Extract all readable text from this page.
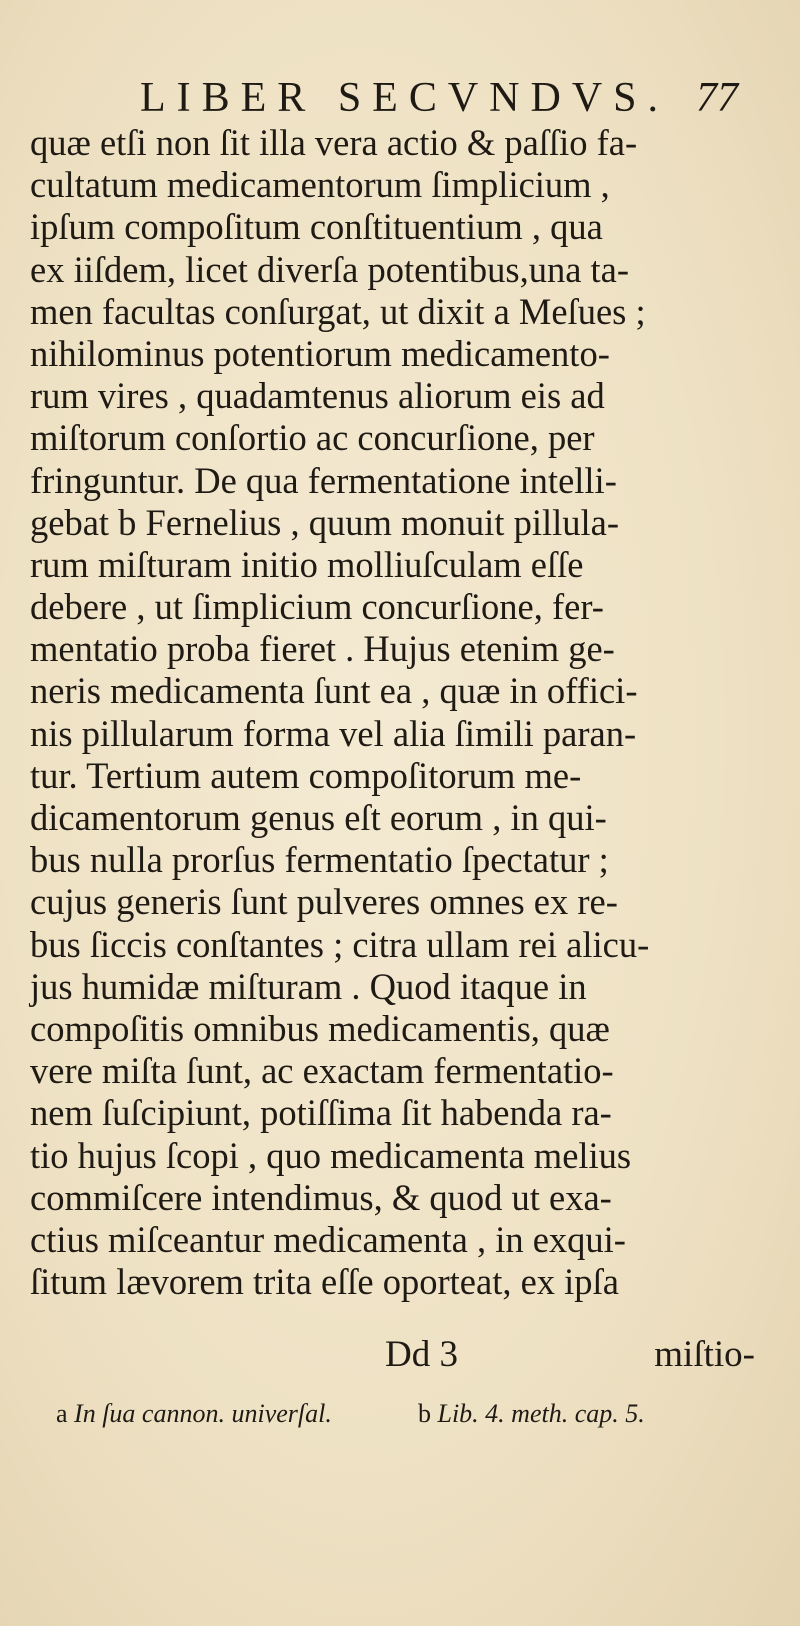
LIBER SECVNDVS. 77
quæ etſi non ſit illa vera actio & paſſio fa-
cultatum medicamentorum ſimplicium ,
ipſum compoſitum conſtituentium , qua
ex iiſdem, licet diverſa potentibus,una ta-
men facultas conſurgat, ut dixit a Meſues ;
nihilominus potentiorum medicamento-
rum vires , quadamtenus aliorum eis ad
miſtorum conſortio ac concurſione, per
fringuntur. De qua fermentatione intelli-
gebat b Fernelius , quum monuit pillula-
rum miſturam initio molliuſculam eſſe
debere , ut ſimplicium concurſione, fer-
mentatio proba fieret . Hujus etenim ge-
neris medicamenta ſunt ea , quæ in offici-
nis pillularum forma vel alia ſimili paran-
tur. Tertium autem compoſitorum me-
dicamentorum genus eſt eorum , in qui-
bus nulla prorſus fermentatio ſpectatur ;
cujus generis ſunt pulveres omnes ex re-
bus ſiccis conſtantes ; citra ullam rei alicu-
jus humidæ miſturam . Quod itaque in
compoſitis omnibus medicamentis, quæ
vere miſta ſunt, ac exactam fermentatio-
nem ſuſcipiunt, potiſſima ſit habenda ra-
tio hujus ſcopi , quo medicamenta melius
commiſcere intendimus, & quod ut exa-
ctius miſceantur medicamenta , in exqui-
ſitum lævorem trita eſſe oporteat, ex ipſa
Dd 3	miſtio-
a In ſua cannon. univerſal.	b Lib. 4. meth. cap. 5.
